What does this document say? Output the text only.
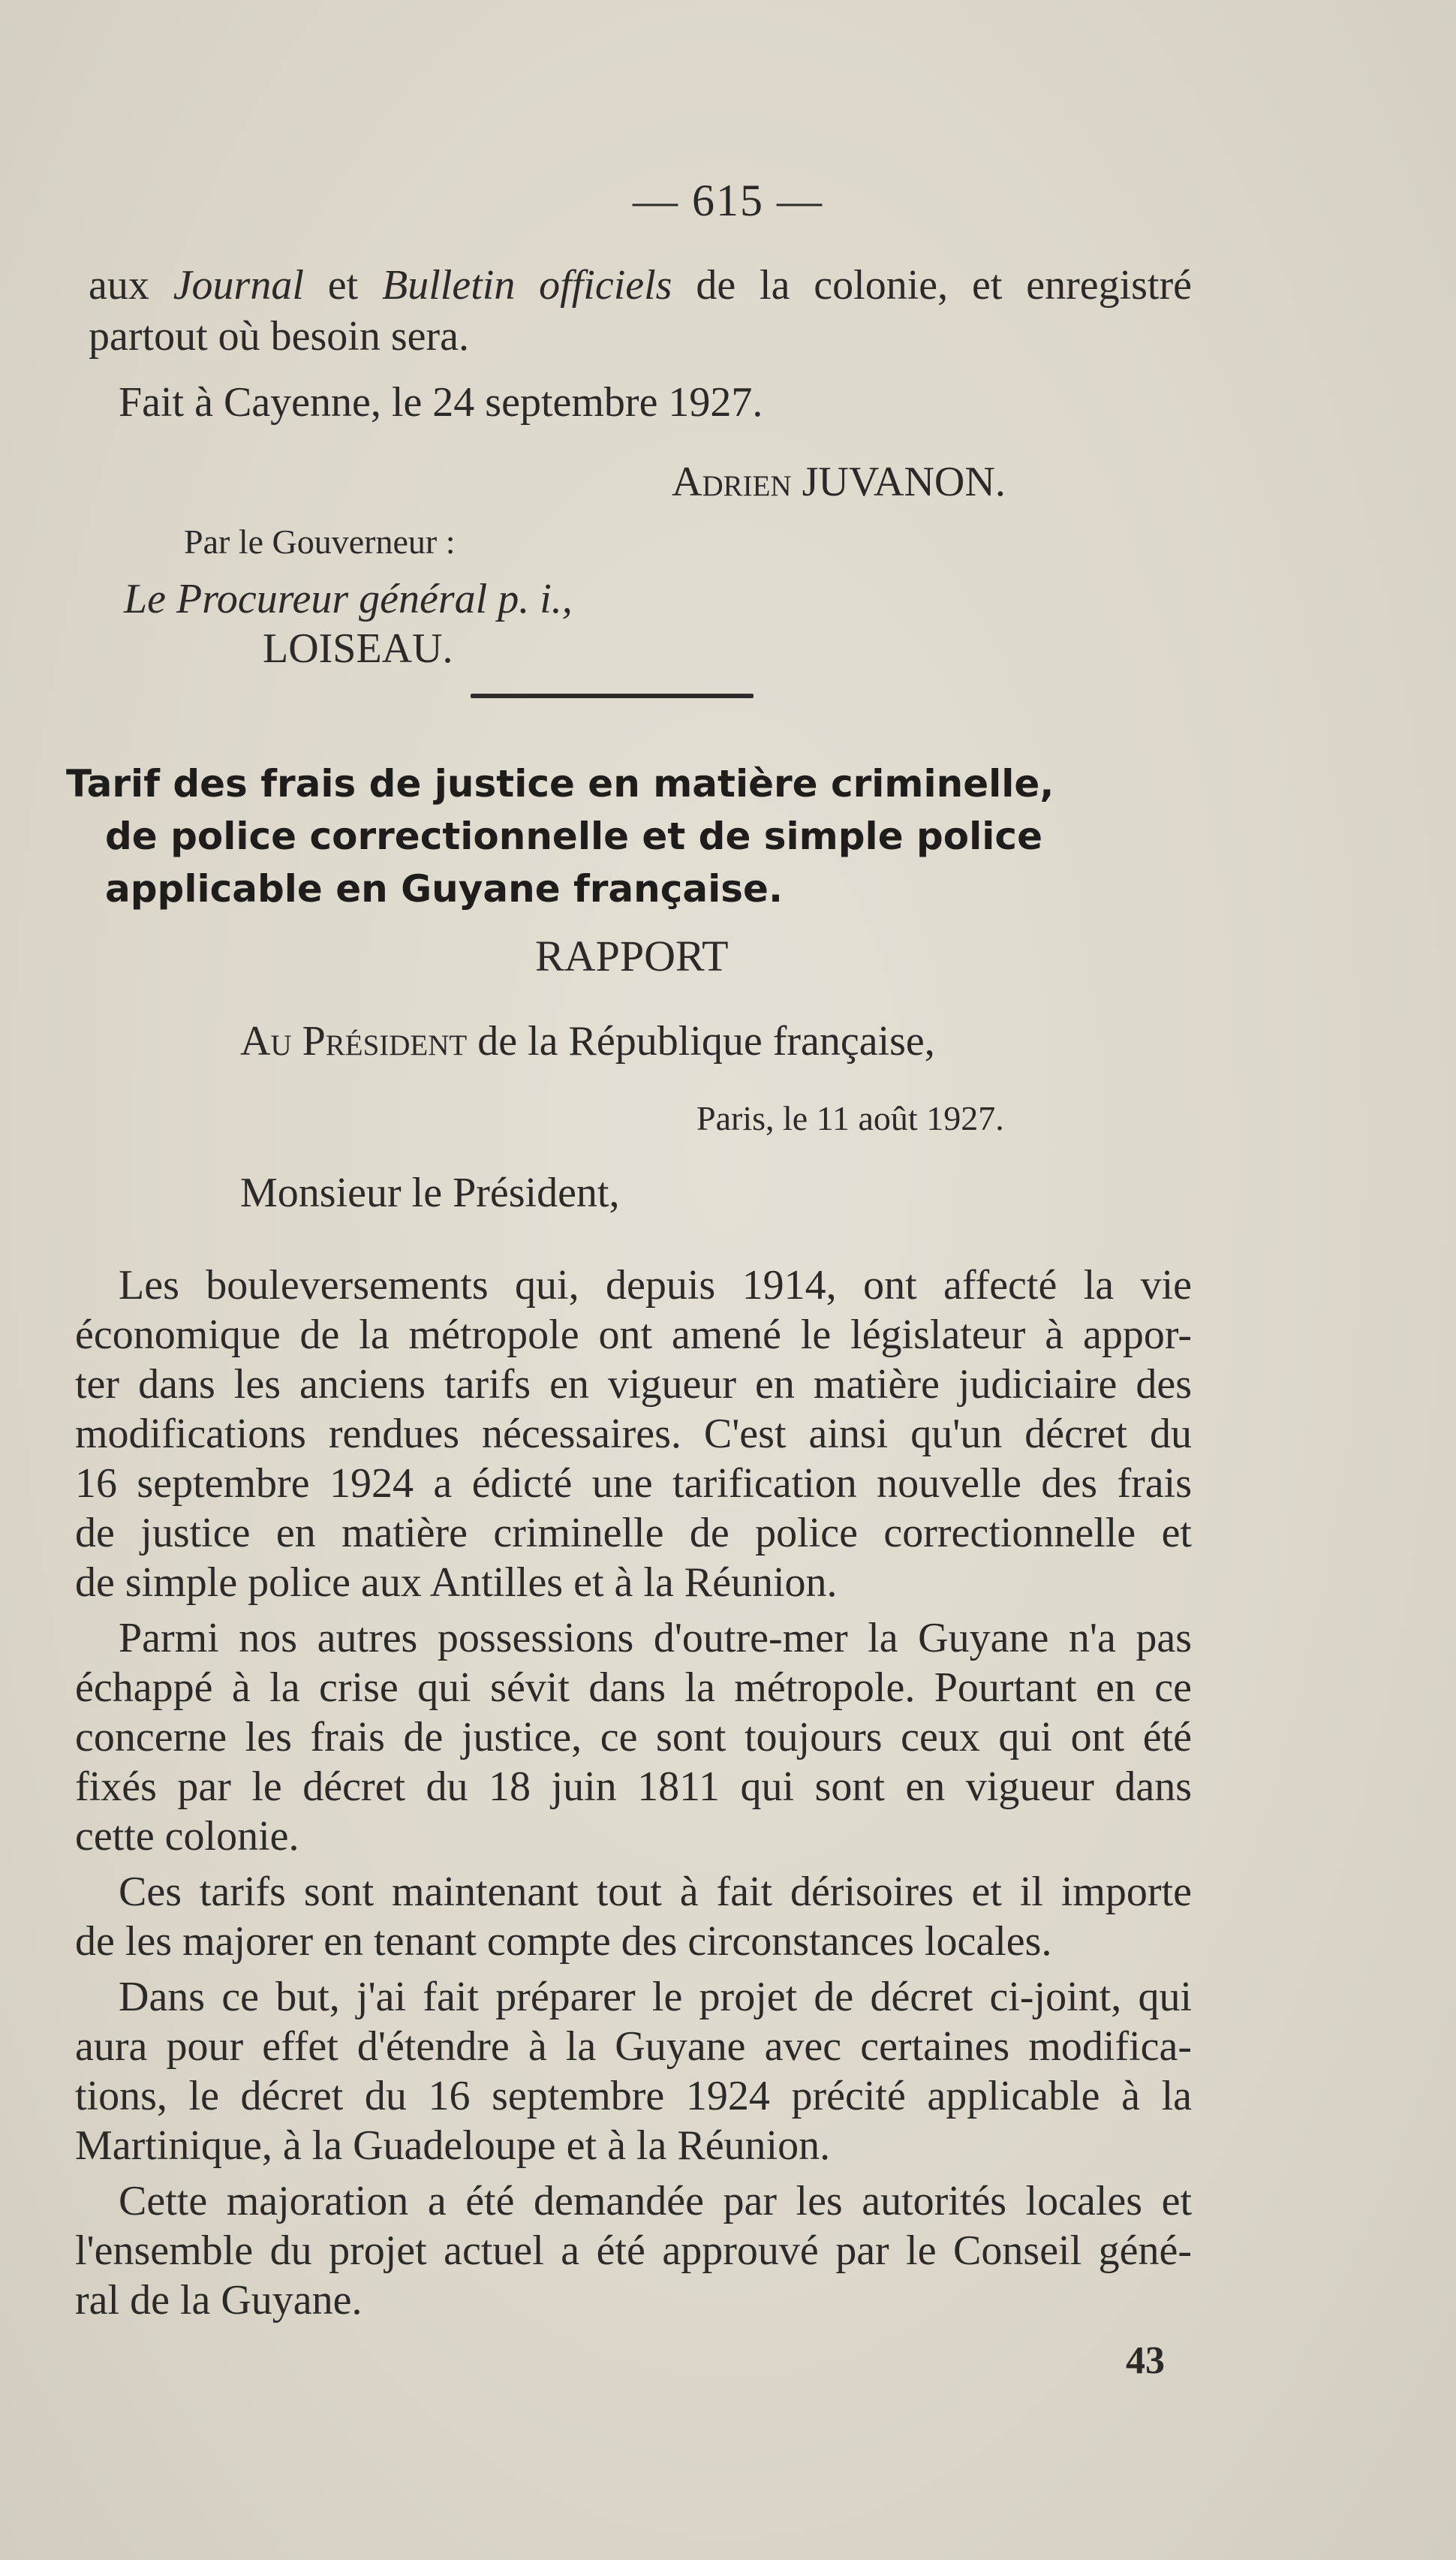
— 615 —
aux Journal et Bulletin officiels de la colonie, et enregistré
partout où besoin sera.
Fait à Cayenne, le 24 septembre 1927.
Adrien JUVANON.
Par le Gouverneur :
Le Procureur général p. i.,
LOISEAU.
Tarif des frais de justice en matière criminelle,
de police correctionnelle et de simple police
applicable en Guyane française.
RAPPORT
Au Président de la République française,
Paris, le 11 août 1927.
Monsieur le Président,
Les bouleversements qui, depuis 1914, ont affecté la vie
économique de la métropole ont amené le législateur à appor-
ter dans les anciens tarifs en vigueur en matière judiciaire des
modifications rendues nécessaires. C'est ainsi qu'un décret du
16 septembre 1924 a édicté une tarification nouvelle des frais
de justice en matière criminelle de police correctionnelle et
de simple police aux Antilles et à la Réunion.
Parmi nos autres possessions d'outre-mer la Guyane n'a pas
échappé à la crise qui sévit dans la métropole. Pourtant en ce
concerne les frais de justice, ce sont toujours ceux qui ont été
fixés par le décret du 18 juin 1811 qui sont en vigueur dans
cette colonie.
Ces tarifs sont maintenant tout à fait dérisoires et il importe
de les majorer en tenant compte des circonstances locales.
Dans ce but, j'ai fait préparer le projet de décret ci-joint, qui
aura pour effet d'étendre à la Guyane avec certaines modifica-
tions, le décret du 16 septembre 1924 précité applicable à la
Martinique, à la Guadeloupe et à la Réunion.
Cette majoration a été demandée par les autorités locales et
l'ensemble du projet actuel a été approuvé par le Conseil géné-
ral de la Guyane.
43
